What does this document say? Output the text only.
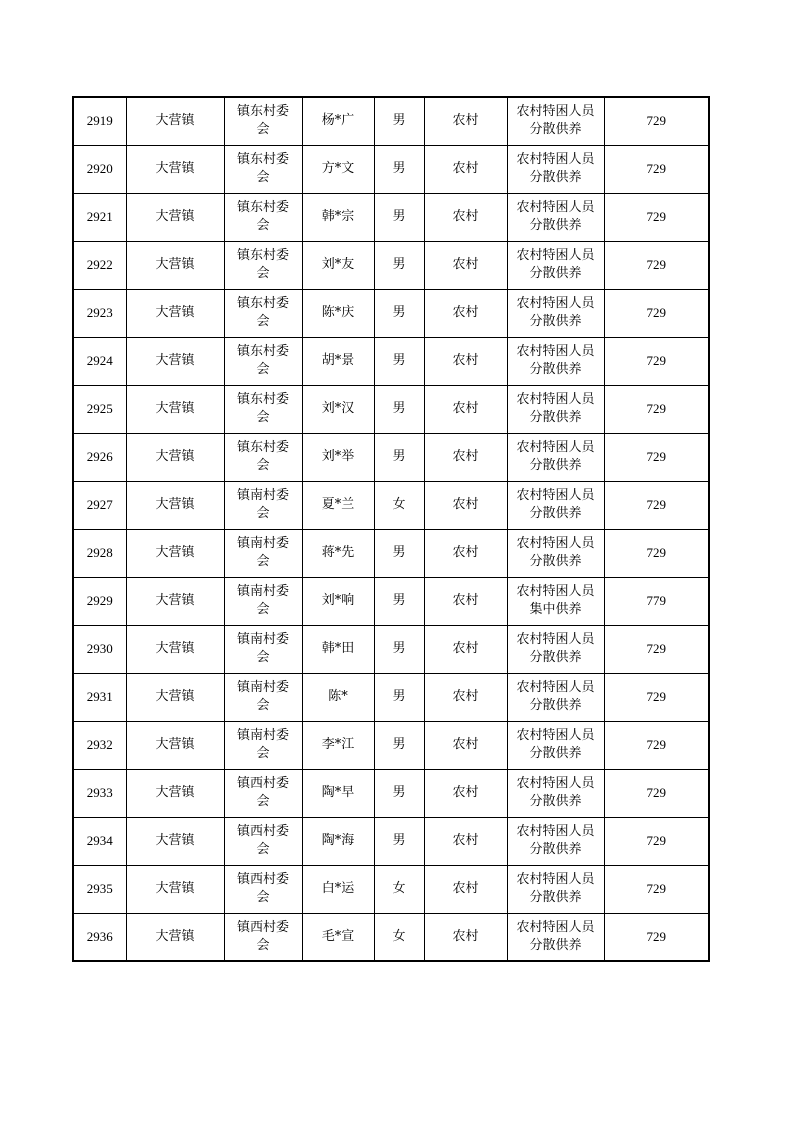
2919	大营镇	镇东村委会	杨*广	男	农村	农村特困人员分散供养	729
2920	大营镇	镇东村委会	方*文	男	农村	农村特困人员分散供养	729
2921	大营镇	镇东村委会	韩*宗	男	农村	农村特困人员分散供养	729
2922	大营镇	镇东村委会	刘*友	男	农村	农村特困人员分散供养	729
2923	大营镇	镇东村委会	陈*庆	男	农村	农村特困人员分散供养	729
2924	大营镇	镇东村委会	胡*景	男	农村	农村特困人员分散供养	729
2925	大营镇	镇东村委会	刘*汉	男	农村	农村特困人员分散供养	729
2926	大营镇	镇东村委会	刘*举	男	农村	农村特困人员分散供养	729
2927	大营镇	镇南村委会	夏*兰	女	农村	农村特困人员分散供养	729
2928	大营镇	镇南村委会	蒋*先	男	农村	农村特困人员分散供养	729
2929	大营镇	镇南村委会	刘*响	男	农村	农村特困人员集中供养	779
2930	大营镇	镇南村委会	韩*田	男	农村	农村特困人员分散供养	729
2931	大营镇	镇南村委会	陈*	男	农村	农村特困人员分散供养	729
2932	大营镇	镇南村委会	李*江	男	农村	农村特困人员分散供养	729
2933	大营镇	镇西村委会	陶*早	男	农村	农村特困人员分散供养	729
2934	大营镇	镇西村委会	陶*海	男	农村	农村特困人员分散供养	729
2935	大营镇	镇西村委会	白*运	女	农村	农村特困人员分散供养	729
2936	大营镇	镇西村委会	毛*宣	女	农村	农村特困人员分散供养	729
